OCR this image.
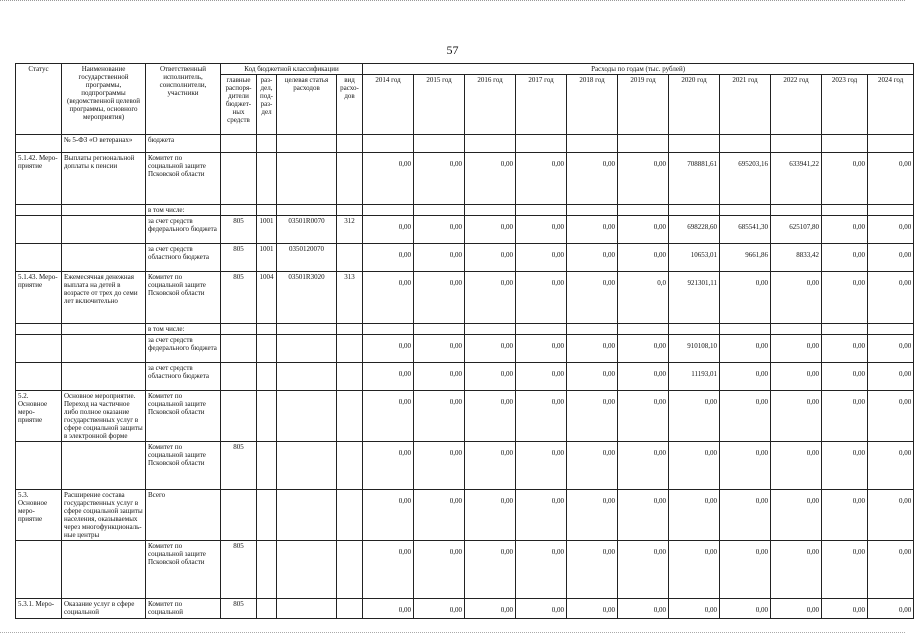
57
Статус	Наименование государственной программы, подпрограммы (ведомственной целевой программы, основного мероприятия)	Ответственный исполнитель, соисполнители, участники	Код бюджетной классификации				Расходы по годам (тыс. рублей)										
			главные распоря- дители бюджет- ных средств	раз- дел, под- раз- дел	целевая статья расходов	вид расхо- дов	2014 год	2015 год	2016 год	2017 год	2018 год	2019 год	2020 год	2021 год	2022 год	2023 год	2024 год
	№ 5-ФЗ «О ветеранах»	бюджета															
5.1.42. Меро- приятие	Выплаты региональной доплаты к пенсии	Комитет по социальной защите Псковской области					0,00	0,00	0,00	0,00	0,00	0,00	708881,61	695203,16	633941,22	0,00	0,00
		в том числе:															
		за счет средств федерального бюджета	805	1001	03501R0070	312	0,00	0,00	0,00	0,00	0,00	0,00	698228,60	685541,30	625107,80	0,00	0,00
		за счет средств областного бюджета	805	1001	0350120070		0,00	0,00	0,00	0,00	0,00	0,00	10653,01	9661,86	8833,42	0,00	0,00
5.1.43. Меро- приятие	Ежемесячная денежная выплата на детей в возрасте от трех до семи лет включительно	Комитет по социальной защите Псковской области	805	1004	03501R3020	313	0,00	0,00	0,00	0,00	0,00	0,0	921301,11	0,00	0,00	0,00	0,00
		в том числе:															
		за счет средств федерального бюджета					0,00	0,00	0,00	0,00	0,00	0,00	910108,10	0,00	0,00	0,00	0,00
		за счет средств областного бюджета					0,00	0,00	0,00	0,00	0,00	0,00	11193,01	0,00	0,00	0,00	0,00
5.2. Основное меро- приятие	Основное мероприятие. Переход на частичное либо полное оказание государственных услуг в сфере социальной защиты в электронной форме	Комитет по социальной защите Псковской области					0,00	0,00	0,00	0,00	0,00	0,00	0,00	0,00	0,00	0,00	0,00
		Комитет по социальной защите Псковской области	805				0,00	0,00	0,00	0,00	0,00	0,00	0,00	0,00	0,00	0,00	0,00
5.3. Основное меро- приятие	Расширение состава государственных услуг в сфере социальной защиты населения, оказываемых через многофункциональ- ные центры	Всего					0,00	0,00	0,00	0,00	0,00	0,00	0,00	0,00	0,00	0,00	0,00
		Комитет по социальной защите Псковской области	805				0,00	0,00	0,00	0,00	0,00	0,00	0,00	0,00	0,00	0,00	0,00
5.3.1. Меро-	Оказание услуг в сфере социальной	Комитет по социальной	805				0,00	0,00	0,00	0,00	0,00	0,00	0,00	0,00	0,00	0,00	0,00
